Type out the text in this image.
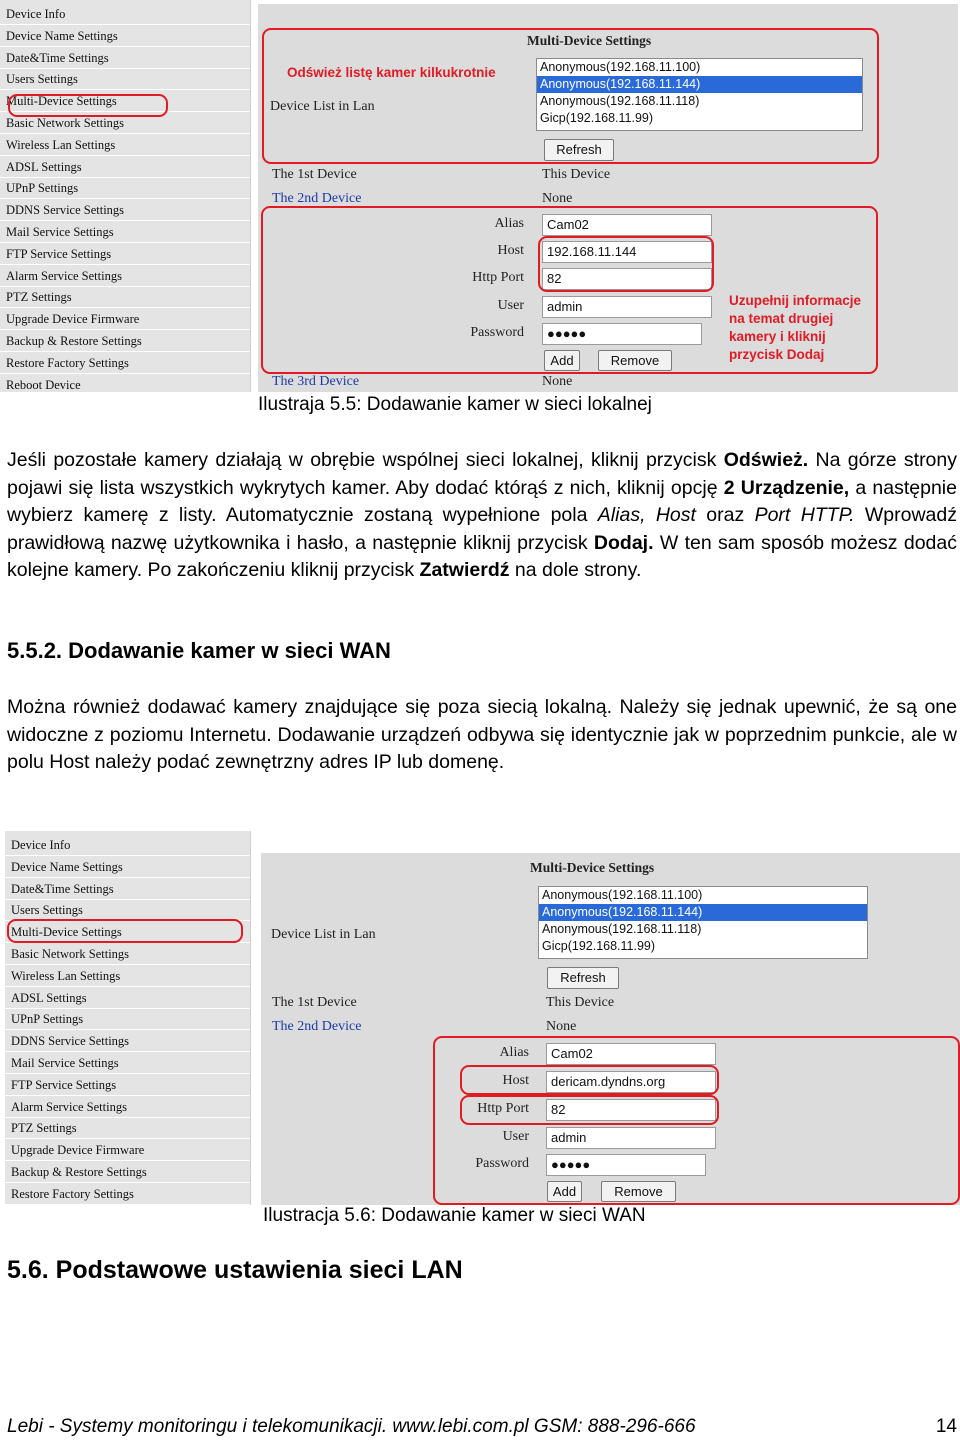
Device Info
Device Name Settings
Date&Time Settings
Users Settings
Multi-Device Settings
Basic Network Settings
Wireless Lan Settings
ADSL Settings
UPnP Settings
DDNS Service Settings
Mail Service Settings
FTP Service Settings
Alarm Service Settings
PTZ Settings
Upgrade Device Firmware
Backup & Restore Settings
Restore Factory Settings
Reboot Device
Multi-Device Settings
Odśwież listę kamer kilkukrotnie
Device List in Lan
Anonymous(192.168.11.100)
Anonymous(192.168.11.144)
Anonymous(192.168.11.118)
Gicp(192.168.11.99)
Refresh
The 1st Device	This Device
The 2nd Device	None
Alias	Cam02
Host	192.168.11.144
Http Port	82
User	admin
Password	●●●●●
Add	Remove
Uzupełnij informacje
na temat drugiej
kamery i kliknij
przycisk Dodaj
The 3rd Device	None
Ilustraja 5.5: Dodawanie kamer w sieci lokalnej
Jeśli pozostałe kamery działają w obrębie wspólnej sieci lokalnej, kliknij przycisk Odśwież. Na górze strony pojawi się lista wszystkich wykrytych kamer. Aby dodać którąś z nich, kliknij opcję 2 Urządzenie, a następnie wybierz kamerę z listy. Automatycznie zostaną wypełnione pola Alias, Host oraz Port HTTP. Wprowadź prawidłową nazwę użytkownika i hasło, a następnie kliknij przycisk Dodaj. W ten sam sposób możesz dodać kolejne kamery. Po zakończeniu kliknij przycisk Zatwierdź na dole strony.
5.5.2. Dodawanie kamer w sieci WAN
Można również dodawać kamery znajdujące się poza siecią lokalną. Należy się jednak upewnić, że są one widoczne z poziomu Internetu. Dodawanie urządzeń odbywa się identycznie jak w poprzednim punkcie, ale w polu Host należy podać zewnętrzny adres IP lub domenę.
Device Info
Device Name Settings
Date&Time Settings
Users Settings
Multi-Device Settings
Basic Network Settings
Wireless Lan Settings
ADSL Settings
UPnP Settings
DDNS Service Settings
Mail Service Settings
FTP Service Settings
Alarm Service Settings
PTZ Settings
Upgrade Device Firmware
Backup & Restore Settings
Restore Factory Settings
Multi-Device Settings
Device List in Lan
Anonymous(192.168.11.100)
Anonymous(192.168.11.144)
Anonymous(192.168.11.118)
Gicp(192.168.11.99)
Refresh
The 1st Device	This Device
The 2nd Device	None
Alias	Cam02
Host	dericam.dyndns.org
Http Port	82
User	admin
Password	●●●●●
Add	Remove
Ilustracja 5.6: Dodawanie kamer w sieci WAN
5.6. Podstawowe ustawienia sieci LAN
Lebi - Systemy monitoringu i telekomunikacji. www.lebi.com.pl GSM: 888-296-666	14
